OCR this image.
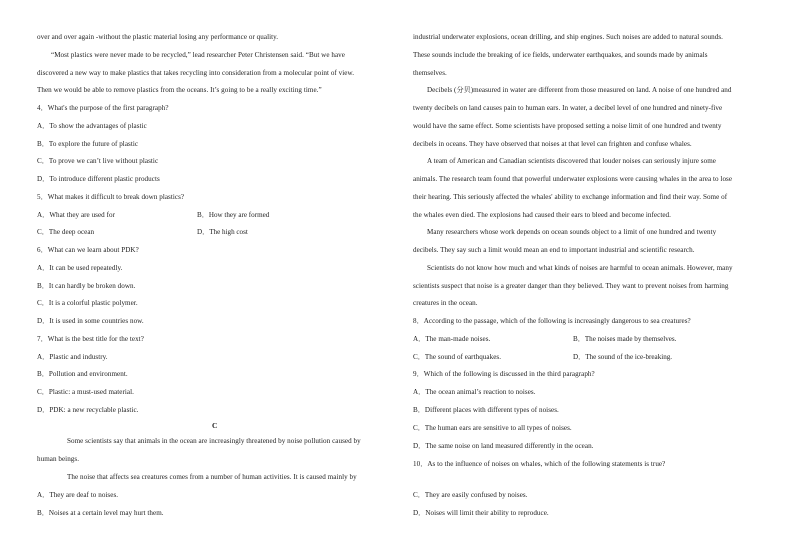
over and over again -without the plastic material losing any performance or quality.
“Most plastics were never made to be recycled,” lead researcher Peter Christensen said. “But we have
discovered a new way to make plastics that takes recycling into consideration from a molecular point of view.
Then we would be able to remove plastics from the oceans. It’s going to be a really exciting time.”
4．What's the purpose of the first paragraph?
A．To show the advantages of plastic
B．To explore the future of plastic
C．To prove we can’t live without plastic
D．To introduce different plastic products
5．What makes it difficult to break down plastics?
A．What they are used for	B．How they are formed
C．The deep ocean	D．The high cost
6．What can we learn about PDK?
A．It can be used repeatedly.
B．It can hardly be broken down.
C．It is a colorful plastic polymer.
D．It is used in some countries now.
7．What is the best title for the text?
A．Plastic and industry.
B．Pollution and environment.
C．Plastic: a must-used material.
D．PDK: a new recyclable plastic.
C
Some scientists say that animals in the ocean are increasingly threatened by noise pollution caused by
human beings.
The noise that affects sea creatures comes from a number of human activities. It is caused mainly by
A．They are deaf to noises.
B．Noises at a certain level may hurt them.
industrial underwater explosions, ocean drilling, and ship engines. Such noises are added to natural sounds.
These sounds include the breaking of ice fields, underwater earthquakes, and sounds made by animals
themselves.
Decibels (分贝)measured in water are different from those measured on land. A noise of one hundred and
twenty decibels on land causes pain to human ears. In water, a decibel level of one hundred and ninety-five
would have the same effect. Some scientists have proposed setting a noise limit of one hundred and twenty
decibels in oceans. They have observed that noises at that level can frighten and confuse whales.
A team of American and Canadian scientists discovered that louder noises can seriously injure some
animals. The research team found that powerful underwater explosions were causing whales in the area to lose
their hearing. This seriously affected the whales' ability to exchange information and find their way. Some of
the whales even died. The explosions had caused their ears to bleed and become infected.
Many researchers whose work depends on ocean sounds object to a limit of one hundred and twenty
decibels. They say such a limit would mean an end to important industrial and scientific research.
Scientists do not know how much and what kinds of noises are harmful to ocean animals. However, many
scientists suspect that noise is a greater danger than they believed. They want to prevent noises from harming
creatures in the ocean.
8．According to the passage, which of the following is increasingly dangerous to sea creatures?
A．The man-made noises.	B．The noises made by themselves.
C．The sound of earthquakes.	D．The sound of the ice-breaking.
9．Which of the following is discussed in the third paragraph?
A．The ocean animal’s reaction to noises.
B．Different places with different types of noises.
C．The human ears are sensitive to all types of noises.
D．The same noise on land measured differently in the ocean.
10．As to the influence of noises on whales, which of the following statements is true?
C．They are easily confused by noises.
D．Noises will limit their ability to reproduce.
